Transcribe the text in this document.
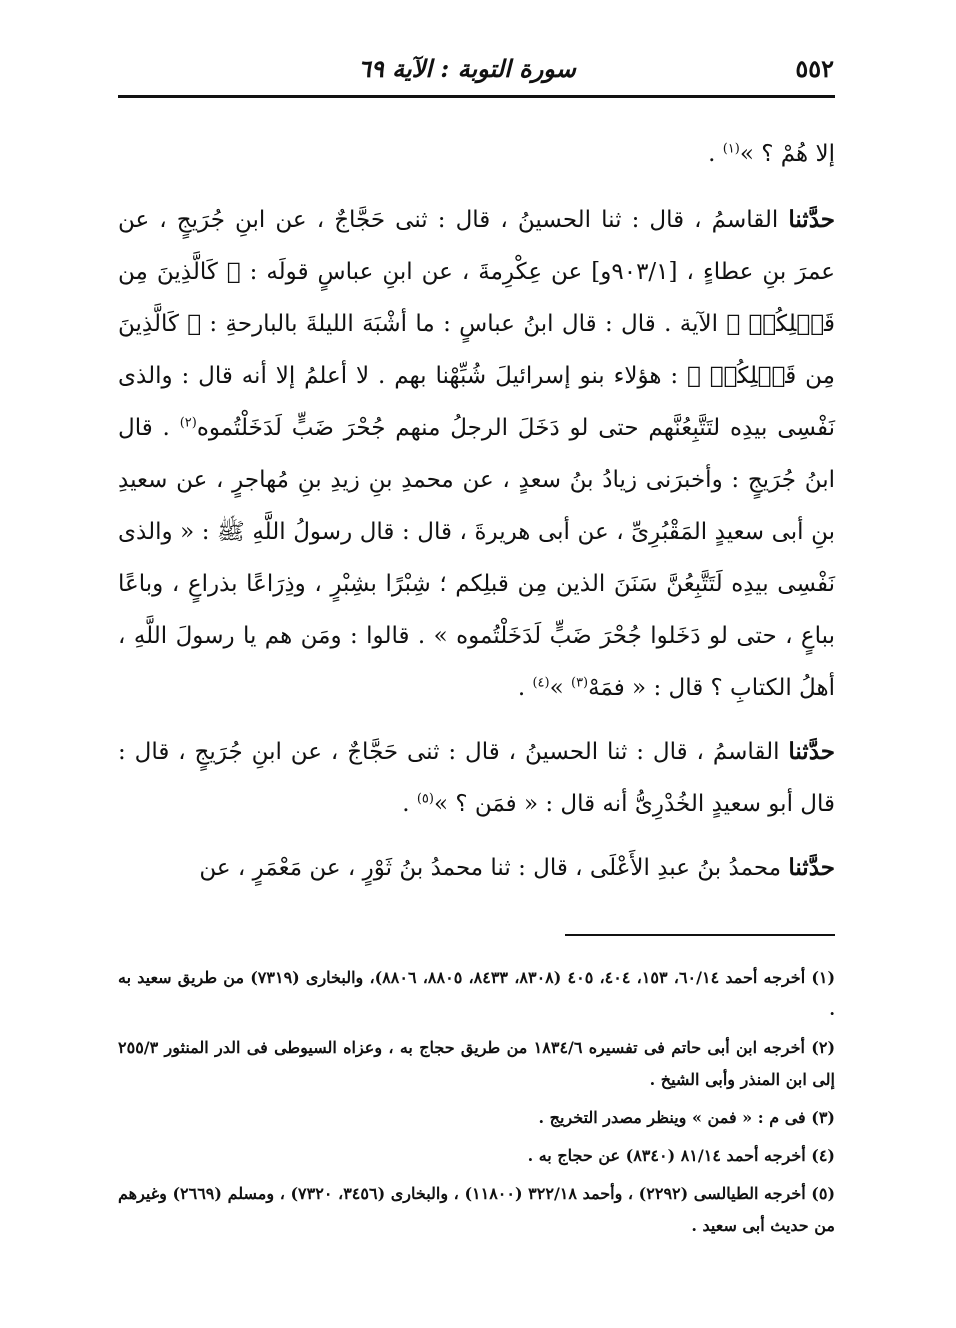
٥٥٢
سورة التوبة : الآية ٦٩

إلا هُمْ ؟ »$^{(١)}$ .

حدَّثنا القاسمُ ، قال : ثنا الحسينُ ، قال : ثنى حَجَّاجٌ ، عن ابنِ جُرَيجٍ ، عن عمرَ بنِ عطاءٍ ، [٩٠٣/١و] عن عِكْرِمةَ ، عن ابنِ عباسٍ قولَه : ﴿ كَالَّذِينَ مِن قَبۡلِكُمۡ ﴾ الآية . قال : قال ابنُ عباسٍ : ما أشْبَهَ الليلةَ بالبارحةِ : ﴿ كَالَّذِينَ مِن قَبۡلِكُمۡ ﴾ : هؤلاء بنو إسرائيلَ شُبِّهْنا بهم . لا أعلمُ إلا أنه قال : والذى نَفْسِى بيدِه لتَتَّبِعُنَّهم حتى لو دَخَلَ الرجلُ منهم جُحْرَ ضَبٍّ لَدَخَلْتُموه$^{(٢)}$ . قال ابنُ جُرَيجٍ : وأخبرَنى زيادُ بنُ سعدٍ ، عن محمدِ بنِ زيدِ بنِ مُهاجرٍ ، عن سعيدِ بنِ أبى سعيدٍ المَقْبُرِىِّ ، عن أبى هريرةَ ، قال : قال رسولُ اللَّهِ ﷺ : « والذى نَفْسِى بيدِه لَتَتَّبِعُنَّ سَنَنَ الذين مِن قبلِكم ؛ شِبْرًا بشِبْرٍ ، وذِرَاعًا بذراعٍ ، وباعًا بباعٍ ، حتى لو دَخَلوا جُحْرَ ضَبٍّ لَدَخَلْتُموه » . قالوا : ومَن هم يا رسولَ اللَّهِ ، أهلُ الكتابِ ؟ قال : « فمَهْ$^{(٣)}$ »$^{(٤)}$ .

حدَّثنا القاسمُ ، قال : ثنا الحسينُ ، قال : ثنى حَجَّاجٌ ، عن ابنِ جُرَيجٍ ، قال : قال أبو سعيدٍ الخُدْرِىُّ أنه قال : « فمَن ؟ »$^{(٥)}$ .

حدَّثنا محمدُ بنُ عبدِ الأَعْلَى ، قال : ثنا محمدُ بنُ ثَوْرٍ ، عن مَعْمَرٍ ، عن

(١) أخرجه أحمد ٦٠/١٤، ١٥٣، ٤٠٤، ٤٠٥ (٨٣٠٨، ٨٤٣٣، ٨٨٠٥، ٨٨٠٦)، والبخارى (٧٣١٩) من طريق سعيد به .

(٢) أخرجه ابن أبى حاتم فى تفسيره ١٨٣٤/٦ من طريق حجاج به ، وعزاه السيوطى فى الدر المنثور ٢٥٥/٣ إلى ابن المنذر وأبى الشيخ .

(٣) فى م : « فمن » وينظر مصدر التخريج .

(٤) أخرجه أحمد ٨١/١٤ (٨٣٤٠) عن حجاج به .

(٥) أخرجه الطيالسى (٢٢٩٢) ، وأحمد ٣٢٢/١٨ (١١٨٠٠) ، والبخارى (٣٤٥٦، ٧٣٢٠) ، ومسلم (٢٦٦٩) وغيرهم من حديث أبى سعيد .
